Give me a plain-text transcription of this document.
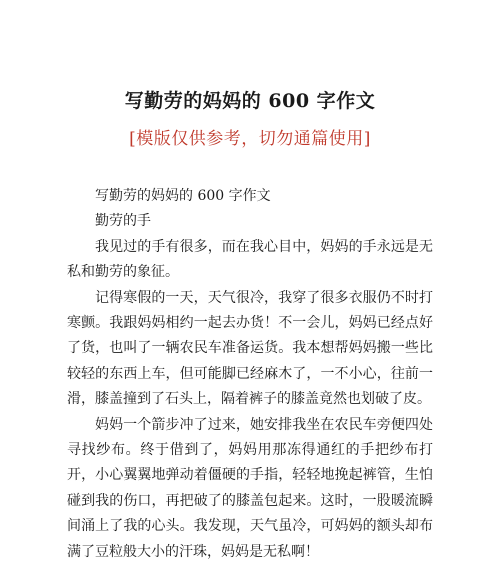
写勤劳的妈妈的 600 字作文
[模版仅供参考，切勿通篇使用]

写勤劳的妈妈的 600 字作文

勤劳的手

我见过的手有很多，而在我心目中，妈妈的手永远是无私和勤劳的象征。

记得寒假的一天，天气很冷，我穿了很多衣服仍不时打寒颤。我跟妈妈相约一起去办货！不一会儿，妈妈已经点好了货，也叫了一辆农民车准备运货。我本想帮妈妈搬一些比较轻的东西上车，但可能脚已经麻木了，一不小心，往前一滑，膝盖撞到了石头上，隔着裤子的膝盖竟然也划破了皮。

妈妈一个箭步冲了过来，她安排我坐在农民车旁便四处寻找纱布。终于借到了，妈妈用那冻得通红的手把纱布打开，小心翼翼地弹动着僵硬的手指，轻轻地挽起裤管，生怕碰到我的伤口，再把破了的膝盖包起来。这时，一股暖流瞬间涌上了我的心头。我发现，天气虽冷，可妈妈的额头却布满了豆粒般大小的汗珠，妈妈是无私啊！
